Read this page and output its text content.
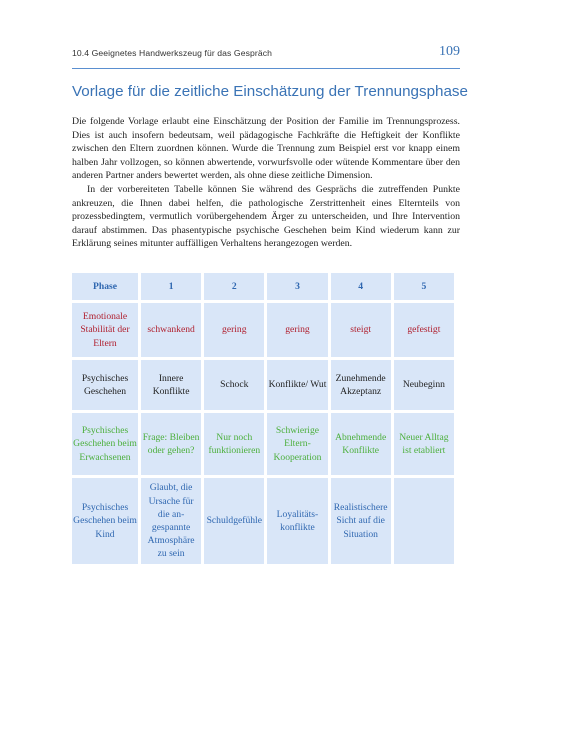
10.4 Geeignetes Handwerkszeug für das Gespräch	109
Vorlage für die zeitliche Einschätzung der Trennungsphase

Die folgende Vorlage erlaubt eine Einschätzung der Position der Familie im Trennungsprozess. Dies ist auch insofern bedeutsam, weil pädagogische Fachkräfte die Heftigkeit der Konflikte zwischen den Eltern zuordnen können. Wurde die Trennung zum Beispiel erst vor knapp einem halben Jahr vollzogen, so können abwertende, vorwurfsvolle oder wütende Kommentare über den anderen Partner anders bewertet werden, als ohne diese zeitliche Dimension.

In der vorbereiteten Tabelle können Sie während des Gesprächs die zutreffenden Punkte ankreuzen, die Ihnen dabei helfen, die pathologische Zerstrittenheit eines Elternteils von prozessbedingtem, vermutlich vorübergehendem Ärger zu unterscheiden, und Ihre Intervention darauf abstimmen. Das phasentypische psychische Geschehen beim Kind wiederum kann zur Erklärung seines mitunter auffälligen Verhaltens herangezogen werden.

Phase	1	2	3	4	5
Emotionale Stabilität der Eltern	schwankend	gering	gering	steigt	gefestigt
Psychisches Geschehen	Innere Konflikte	Schock	Konflikte/ Wut	Zunehmende Akzeptanz	Neubeginn
Psychisches Geschehen beim Erwachsenen	Frage: Bleiben oder gehen?	Nur noch funktionieren	Schwierige Eltern-Kooperation	Abnehmende Konflikte	Neuer Alltag ist etabliert
Psychisches Geschehen beim Kind	Glaubt, die Ursache für die angespannte Atmosphäre zu sein	Schuldgefühle	Loyalitätskonflikte	Realistischere Sicht auf die Situation	
